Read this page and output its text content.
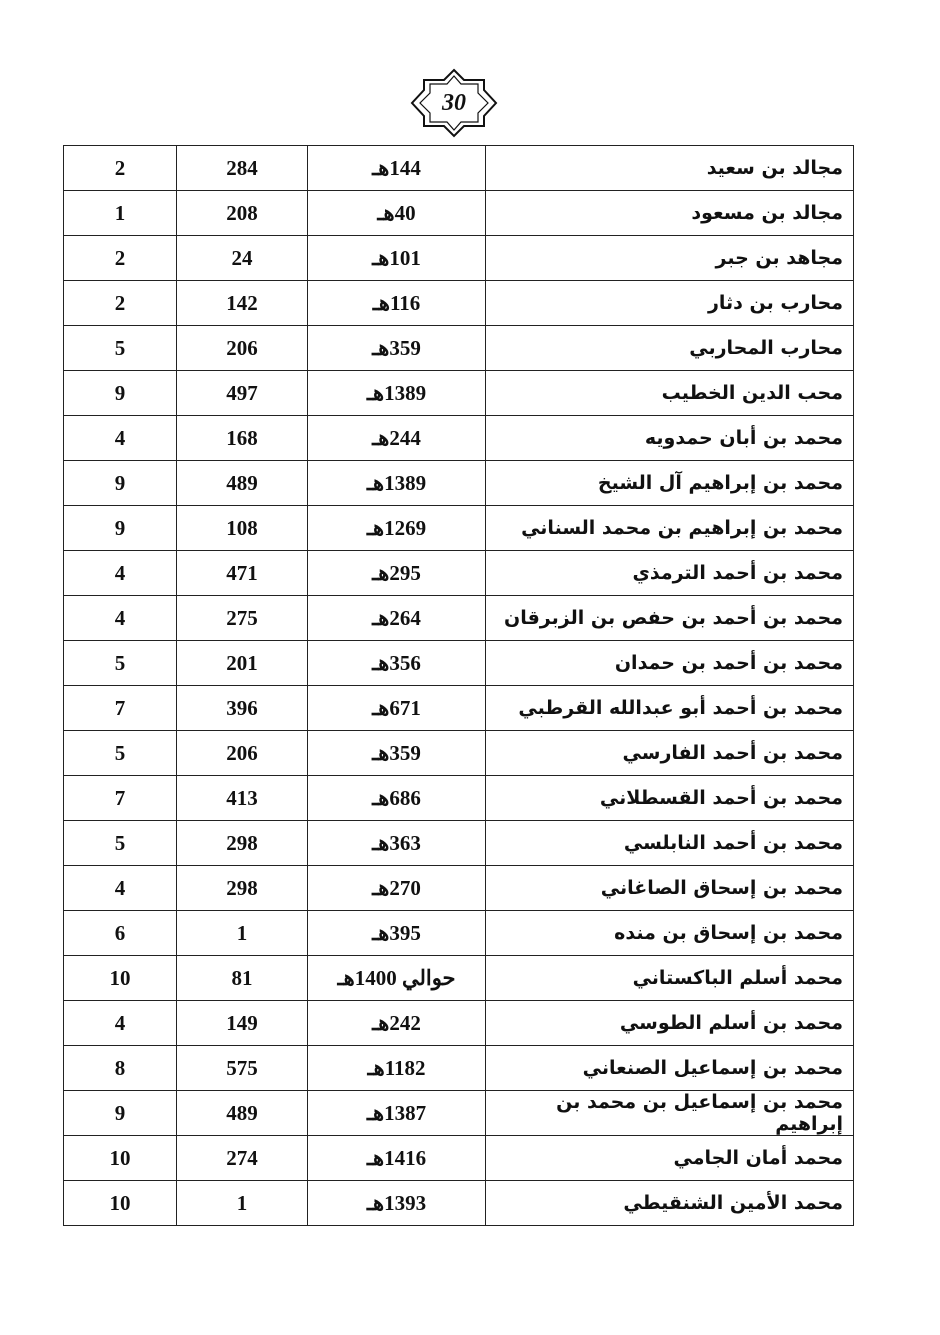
30
مجالد بن سعيد	144هـ	284	2
مجالد بن مسعود	40هـ	208	1
مجاهد بن جبر	101هـ	24	2
محارب بن دثار	116هـ	142	2
محارب المحاربي	359هـ	206	5
محب الدين الخطيب	1389هـ	497	9
محمد بن أبان حمدويه	244هـ	168	4
محمد بن إبراهيم آل الشيخ	1389هـ	489	9
محمد بن إبراهيم بن محمد السناني	1269هـ	108	9
محمد بن أحمد الترمذي	295هـ	471	4
محمد بن أحمد بن حفص بن الزبرقان	264هـ	275	4
محمد بن أحمد بن حمدان	356هـ	201	5
محمد بن أحمد أبو عبدالله القرطبي	671هـ	396	7
محمد بن أحمد الفارسي	359هـ	206	5
محمد بن أحمد القسطلاني	686هـ	413	7
محمد بن أحمد النابلسي	363هـ	298	5
محمد بن إسحاق الصاغاني	270هـ	298	4
محمد بن إسحاق بن منده	395هـ	1	6
محمد أسلم الباكستاني	حوالي 1400هـ	81	10
محمد بن أسلم الطوسي	242هـ	149	4
محمد بن إسماعيل الصنعاني	1182هـ	575	8
محمد بن إسماعيل بن محمد بن إبراهيم	1387هـ	489	9
محمد أمان الجامي	1416هـ	274	10
محمد الأمين الشنقيطي	1393هـ	1	10
